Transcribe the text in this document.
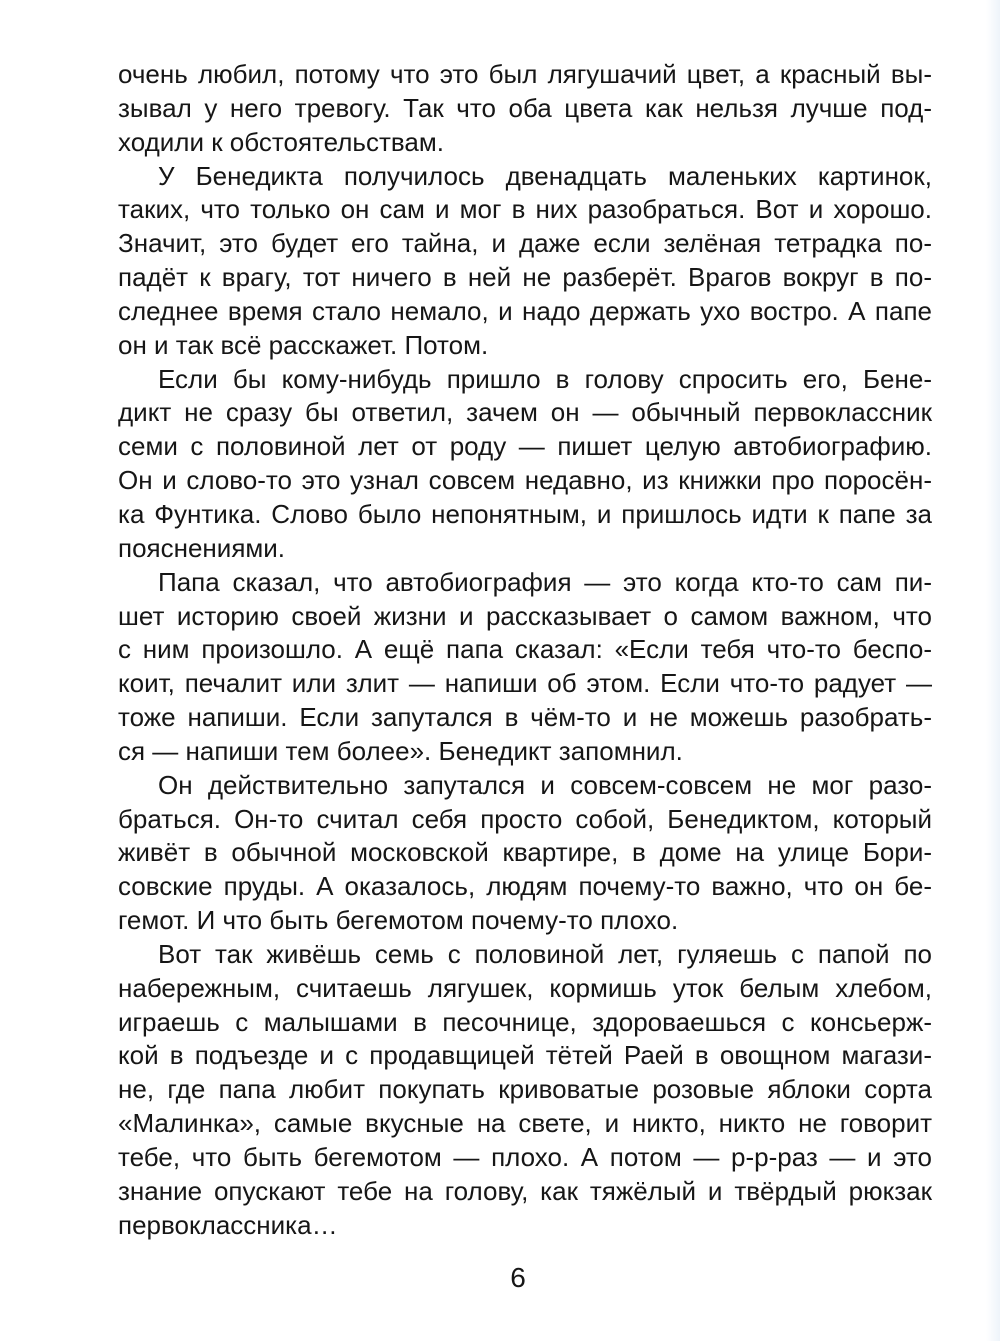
очень любил, потому что это был лягушачий цвет, а красный вы-
зывал у него тревогу. Так что оба цвета как нельзя лучше под-
ходили к обстоятельствам.
У Бенедикта получилось двенадцать маленьких картинок,
таких, что только он сам и мог в них разобраться. Вот и хорошо.
Значит, это будет его тайна, и даже если зелёная тетрадка по-
падёт к врагу, тот ничего в ней не разберёт. Врагов вокруг в по-
следнее время стало немало, и надо держать ухо востро. А папе
он и так всё расскажет. Потом.
Если бы кому-нибудь пришло в голову спросить его, Бене-
дикт не сразу бы ответил, зачем он — обычный первоклассник
семи с половиной лет от роду — пишет целую автобиографию.
Он и слово-то это узнал совсем недавно, из книжки про поросён-
ка Фунтика. Слово было непонятным, и пришлось идти к папе за
пояснениями.
Папа сказал, что автобиография — это когда кто-то сам пи-
шет историю своей жизни и рассказывает о самом важном, что
с ним произошло. А ещё папа сказал: «Если тебя что-то беспо-
коит, печалит или злит — напиши об этом. Если что-то радует —
тоже напиши. Если запутался в чём-то и не можешь разобрать-
ся — напиши тем более». Бенедикт запомнил.
Он действительно запутался и совсем-совсем не мог разо-
браться. Он-то считал себя просто собой, Бенедиктом, который
живёт в обычной московской квартире, в доме на улице Бори-
совские пруды. А оказалось, людям почему-то важно, что он бе-
гемот. И что быть бегемотом почему-то плохо.
Вот так живёшь семь с половиной лет, гуляешь с папой по
набережным, считаешь лягушек, кормишь уток белым хлебом,
играешь с малышами в песочнице, здороваешься с консьерж-
кой в подъезде и с продавщицей тётей Раей в овощном магази-
не, где папа любит покупать кривоватые розовые яблоки сорта
«Малинка», самые вкусные на свете, и никто, никто не говорит
тебе, что быть бегемотом — плохо. А потом — р-р-раз — и это
знание опускают тебе на голову, как тяжёлый и твёрдый рюкзак
первоклассника…
6
